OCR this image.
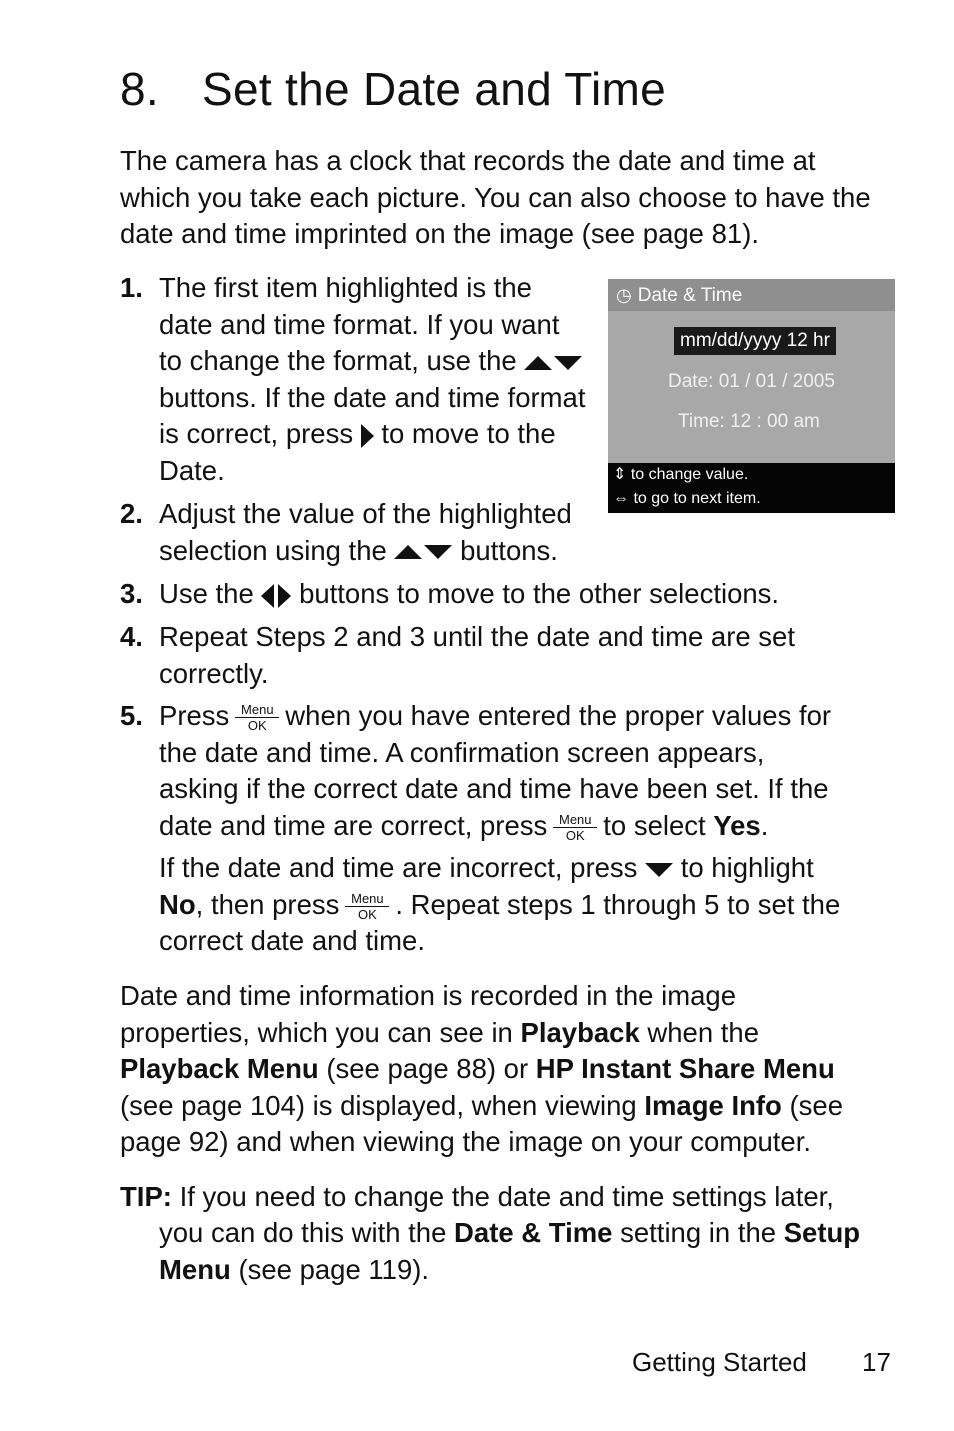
8. Set the Date and Time

The camera has a clock that records the date and time at which you take each picture. You can also choose to have the date and time imprinted on the image (see page 81).

1. The first item highlighted is the
date and time format. If you want
to change the format, use the
buttons. If the date and time format
is correct, press to move to the
Date.
2. Adjust the value of the highlighted
selection using the	buttons.
3. Use the buttons to move to the other selections.
4. Repeat Steps 2 and 3 until the date and time are set
correctly.
5. Press Menu
OK when you have entered the proper values for
the date and time. A confirmation screen appears,
asking if the correct date and time have been set. If the
date and time are correct, press Menu
OK to select Yes.
If the date and time are incorrect, press to highlight
No, then press Menu
OK . Repeat steps 1 through 5 to set the
correct date and time.
◷ Date & Time
mm/dd/yyyy 12 hr
Date: 01 / 01 / 2005
Time: 12 : 00 am
⇕ to change value.
⇔ to go to next item.
Date and time information is recorded in the image
properties, which you can see in Playback when the
Playback Menu (see page 88) or HP Instant Share Menu
(see page 104) is displayed, when viewing Image Info (see
page 92) and when viewing the image on your computer.
TIP: If you need to change the date and time settings later,
you can do this with the Date & Time setting in the Setup
Menu (see page 119).
Getting Started 17
